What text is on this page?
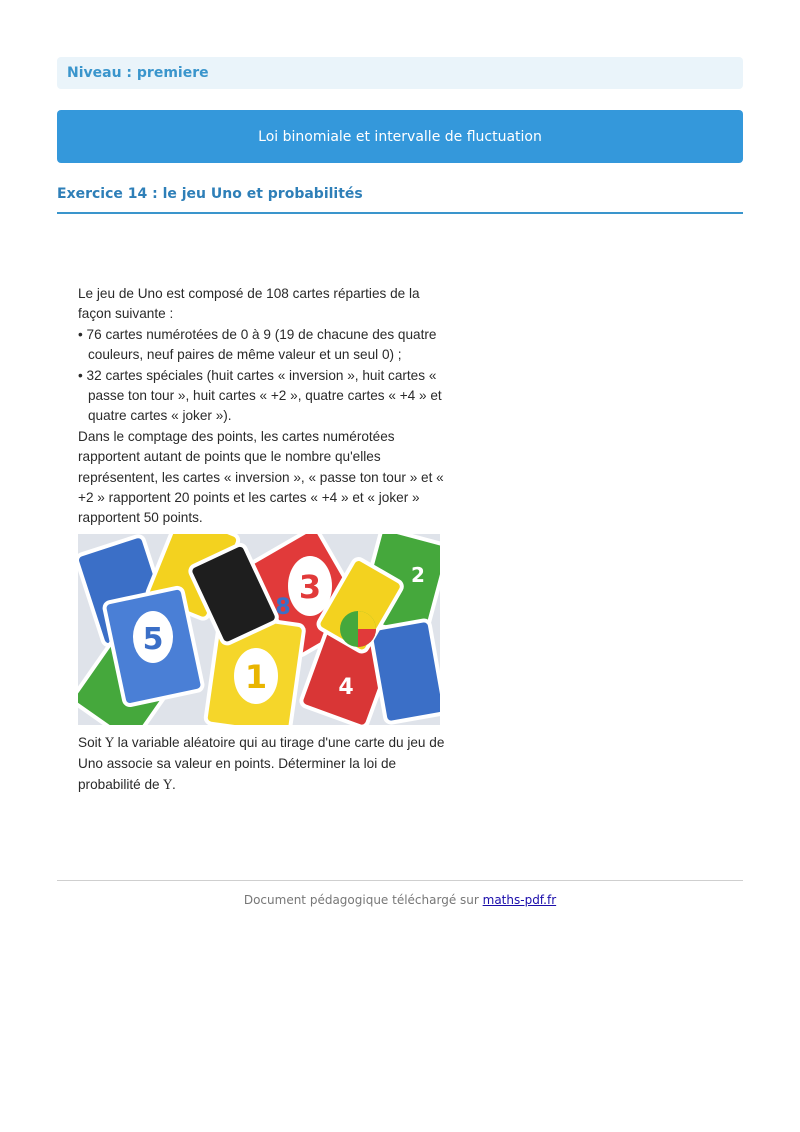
Niveau : premiere
Loi binomiale et intervalle de fluctuation
Exercice 14 : le jeu Uno et probabilités

Le jeu de Uno est composé de 108 cartes réparties de la façon suivante :

• 76 cartes numérotées de 0 à 9 (19 de chacune des quatre couleurs, neuf paires de même valeur et un seul 0) ;

• 32 cartes spéciales (huit cartes « inversion », huit cartes « passe ton tour », huit cartes « +2 », quatre cartes « +4 » et quatre cartes « joker »).

Dans le comptage des points, les cartes numérotées rapportent autant de points que le nombre qu'elles représentent, les cartes « inversion », « passe ton tour » et « +2 » rapportent 20 points et les cartes « +4 » et « joker » rapportent 50 points.

3
5
1	4
8
2

Soit Y la variable aléatoire qui au tirage d'une carte du jeu de Uno associe sa valeur en points. Déterminer la loi de probabilité de Y.

Document pédagogique téléchargé sur maths-pdf.fr
